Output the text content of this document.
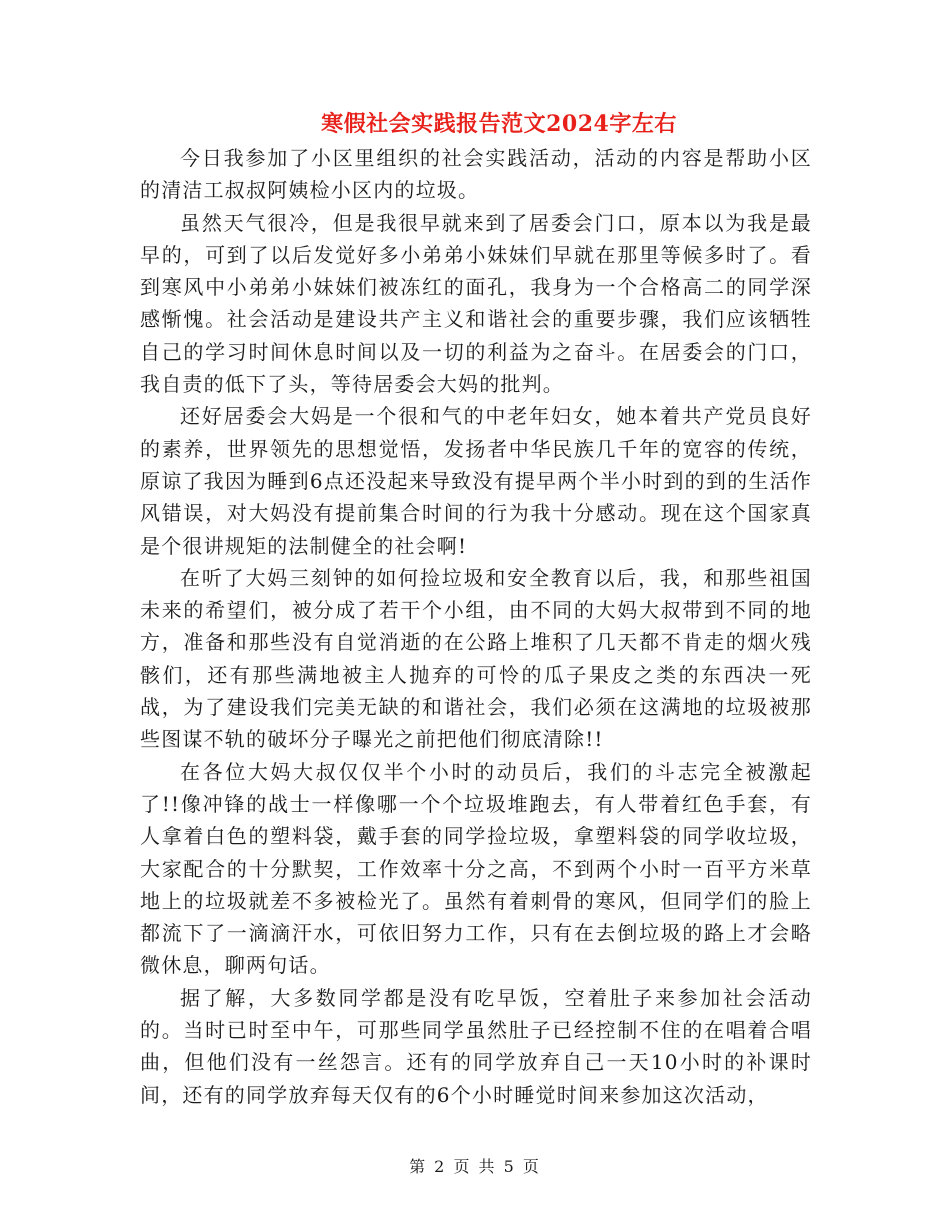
寒假社会实践报告范文2024字左右

今日我参加了小区里组织的社会实践活动，活动的内容是帮助小区的清洁工叔叔阿姨检小区内的垃圾。

虽然天气很冷，但是我很早就来到了居委会门口，原本以为我是最早的，可到了以后发觉好多小弟弟小妹妹们早就在那里等候多时了。看到寒风中小弟弟小妹妹们被冻红的面孔，我身为一个合格高二的同学深感惭愧。社会活动是建设共产主义和谐社会的重要步骤，我们应该牺牲自己的学习时间休息时间以及一切的利益为之奋斗。在居委会的门口，我自责的低下了头，等待居委会大妈的批判。

还好居委会大妈是一个很和气的中老年妇女，她本着共产党员良好的素养，世界领先的思想觉悟，发扬者中华民族几千年的宽容的传统，原谅了我因为睡到6点还没起来导致没有提早两个半小时到的到的生活作风错误，对大妈没有提前集合时间的行为我十分感动。现在这个国家真是个很讲规矩的法制健全的社会啊!

在听了大妈三刻钟的如何捡垃圾和安全教育以后，我，和那些祖国未来的希望们，被分成了若干个小组，由不同的大妈大叔带到不同的地方，准备和那些没有自觉消逝的在公路上堆积了几天都不肯走的烟火残骸们，还有那些满地被主人抛弃的可怜的瓜子果皮之类的东西决一死战，为了建设我们完美无缺的和谐社会，我们必须在这满地的垃圾被那些图谋不轨的破坏分子曝光之前把他们彻底清除!!

在各位大妈大叔仅仅半个小时的动员后，我们的斗志完全被激起了!!像冲锋的战士一样像哪一个个垃圾堆跑去，有人带着红色手套，有人拿着白色的塑料袋，戴手套的同学捡垃圾，拿塑料袋的同学收垃圾，大家配合的十分默契，工作效率十分之高，不到两个小时一百平方米草地上的垃圾就差不多被检光了。虽然有着刺骨的寒风，但同学们的脸上都流下了一滴滴汗水，可依旧努力工作，只有在去倒垃圾的路上才会略微休息，聊两句话。

据了解，大多数同学都是没有吃早饭，空着肚子来参加社会活动的。当时已时至中午，可那些同学虽然肚子已经控制不住的在唱着合唱曲，但他们没有一丝怨言。还有的同学放弃自己一天10小时的补课时间，还有的同学放弃每天仅有的6个小时睡觉时间来参加这次活动，

第 2 页 共 5 页
